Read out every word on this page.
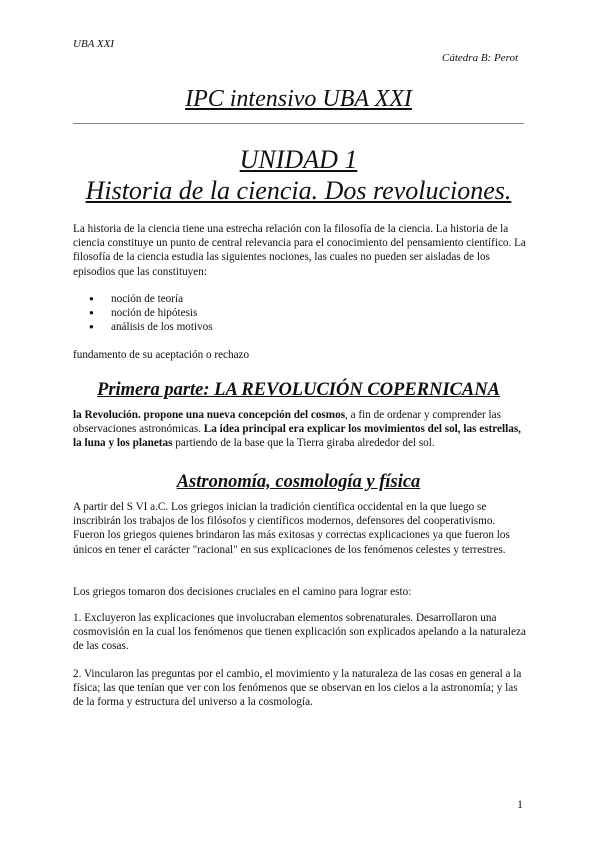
UBA XXI
Cátedra B: Perot
IPC intensivo UBA XXI
UNIDAD 1
Historia de la ciencia. Dos revoluciones.

La historia de la ciencia tiene una estrecha relación con la filosofía de la ciencia. La historia de la ciencia constituye un punto de central relevancia para el conocimiento del pensamiento científico. La filosofía de la ciencia estudia las siguientes nociones, las cuales no pueden ser aisladas de los episodios que las constituyen:

● noción de teoría
● noción de hipótesis
● análisis de los motivos

fundamento de su aceptación o rechazo

Primera parte: LA REVOLUCIÓN COPERNICANA

la Revolución. propone una nueva concepción del cosmos, a fin de ordenar y comprender las observaciones astronómicas. La idea principal era explicar los movimientos del sol, las estrellas, la luna y los planetas partiendo de la base que la Tierra giraba alrededor del sol.

Astronomía, cosmología y física

A partir del S VI a.C. Los griegos inician la tradición científica occidental en la que luego se inscribirán los trabajos de los filósofos y científicos modernos, defensores del cooperativismo. Fueron los griegos quienes brindaron las más exitosas y correctas explicaciones ya que fueron los únicos en tener el carácter "racional" en sus explicaciones de los fenómenos celestes y terrestres.

Los griegos tomaron dos decisiones cruciales en el camino para lograr esto:

1. Excluyeron las explicaciones que involucraban elementos sobrenaturales. Desarrollaron una cosmovisión en la cual los fenómenos que tienen explicación son explicados apelando a la naturaleza de las cosas.

2. Vincularon las preguntas por el cambio, el movimiento y la naturaleza de las cosas en general a la física; las que tenían que ver con los fenómenos que se observan en los cielos a la astronomía; y las de la forma y estructura del universo a la cosmología.

1
